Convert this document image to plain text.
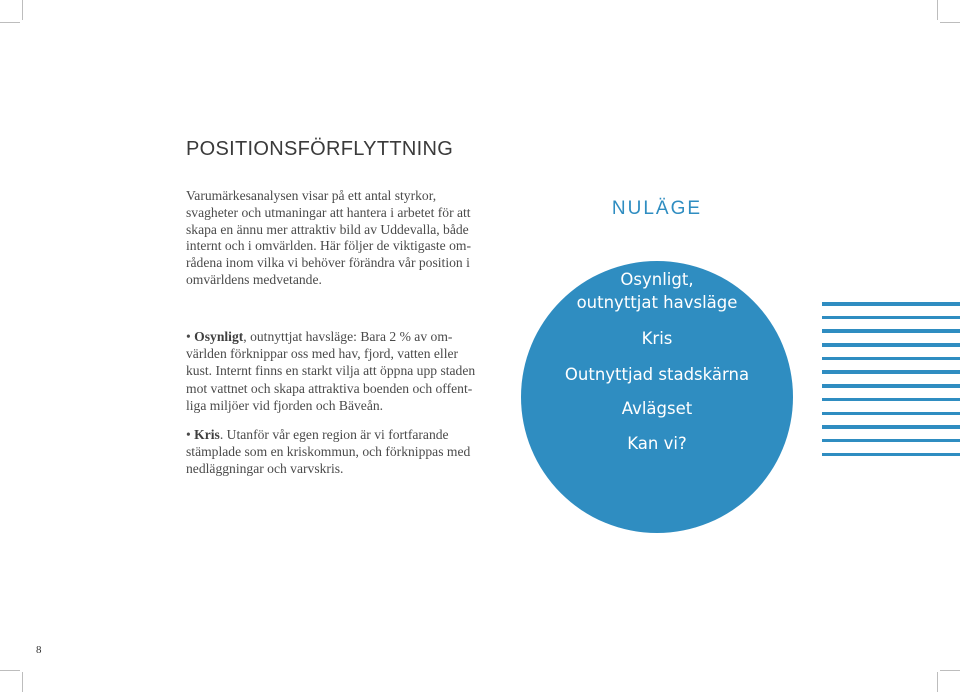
POSITIONSFÖRFLYTTNING
Varumärkesanalysen visar på ett antal styrkor,
svagheter och utmaningar att hantera i arbetet för att
skapa en ännu mer attraktiv bild av Uddevalla, både
internt och i omvärlden. Här följer de viktigaste om-
rådena inom vilka vi behöver förändra vår position i
omvärldens medvetande.
• Osynligt, outnyttjat havsläge: Bara 2 % av om-
världen förknippar oss med hav, fjord, vatten eller
kust. Internt finns en starkt vilja att öppna upp staden
mot vattnet och skapa attraktiva boenden och offent-
liga miljöer vid fjorden och Bäveån.
• Kris. Utanför vår egen region är vi fortfarande
stämplade som en kriskommun, och förknippas med
nedläggningar och varvskris.
NULÄGE
Osynligt,
outnyttjat havsläge
Kris
Outnyttjad stadskärna
Avlägset
Kan vi?
8
